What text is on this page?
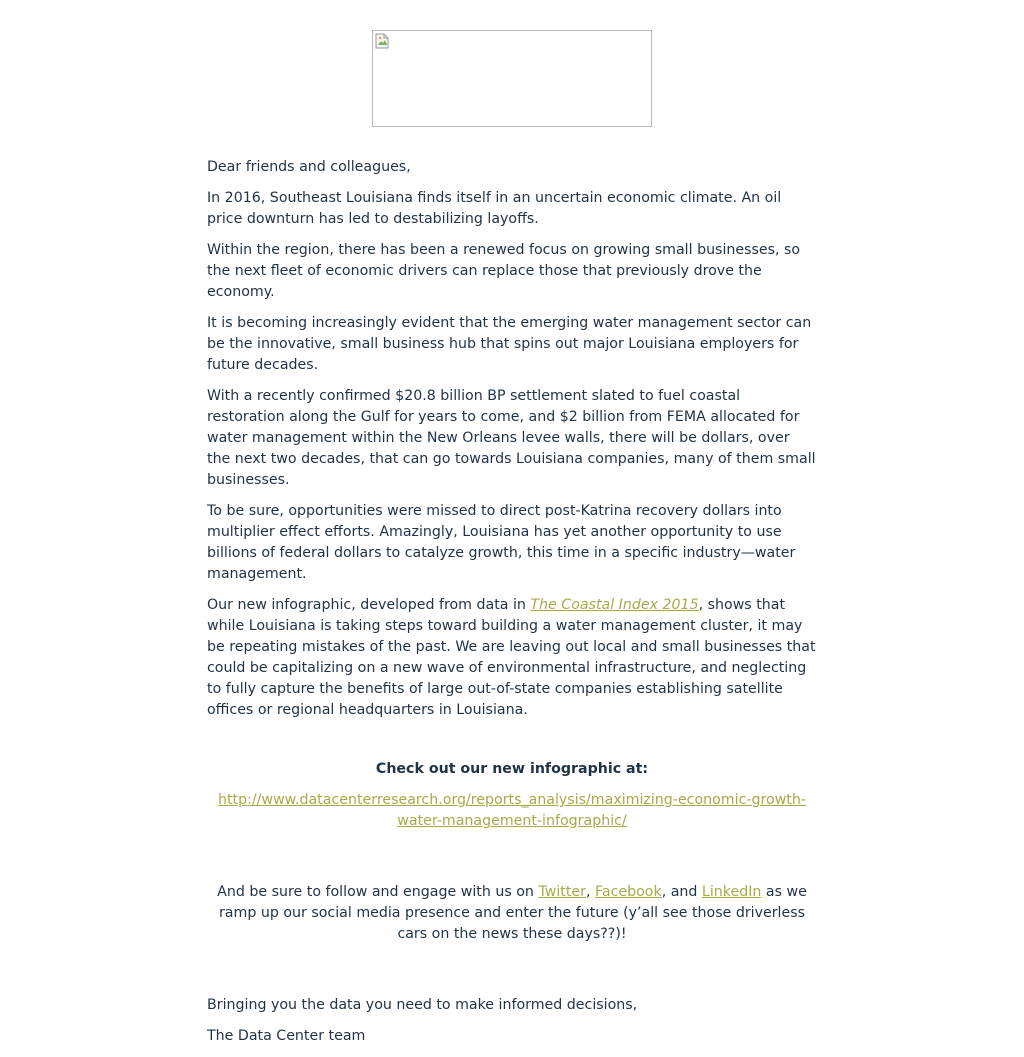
Dear friends and colleagues,

In 2016, Southeast Louisiana finds itself in an uncertain economic climate. An oil price downturn has led to destabilizing layoffs.

Within the region, there has been a renewed focus on growing small businesses, so the next fleet of economic drivers can replace those that previously drove the economy.

It is becoming increasingly evident that the emerging water management sector can be the innovative, small business hub that spins out major Louisiana employers for future decades.

With a recently confirmed $20.8 billion BP settlement slated to fuel coastal restoration along the Gulf for years to come, and $2 billion from FEMA allocated for water management within the New Orleans levee walls, there will be dollars, over the next two decades, that can go towards Louisiana companies, many of them small businesses.

To be sure, opportunities were missed to direct post-Katrina recovery dollars into multiplier effect efforts. Amazingly, Louisiana has yet another opportunity to use billions of federal dollars to catalyze growth, this time in a specific industry—water management.

Our new infographic, developed from data in The Coastal Index 2015, shows that while Louisiana is taking steps toward building a water management cluster, it may be repeating mistakes of the past. We are leaving out local and small businesses that could be capitalizing on a new wave of environmental infrastructure, and neglecting to fully capture the benefits of large out-of-state companies establishing satellite offices or regional headquarters in Louisiana.

Check out our new infographic at:

http://www.datacenterresearch.org/reports_analysis/maximizing-economic-growth-water-management-infographic/

And be sure to follow and engage with us on Twitter, Facebook, and LinkedIn as we ramp up our social media presence and enter the future (y’all see those driverless cars on the news these days??)!

Bringing you the data you need to make informed decisions,

The Data Center team
